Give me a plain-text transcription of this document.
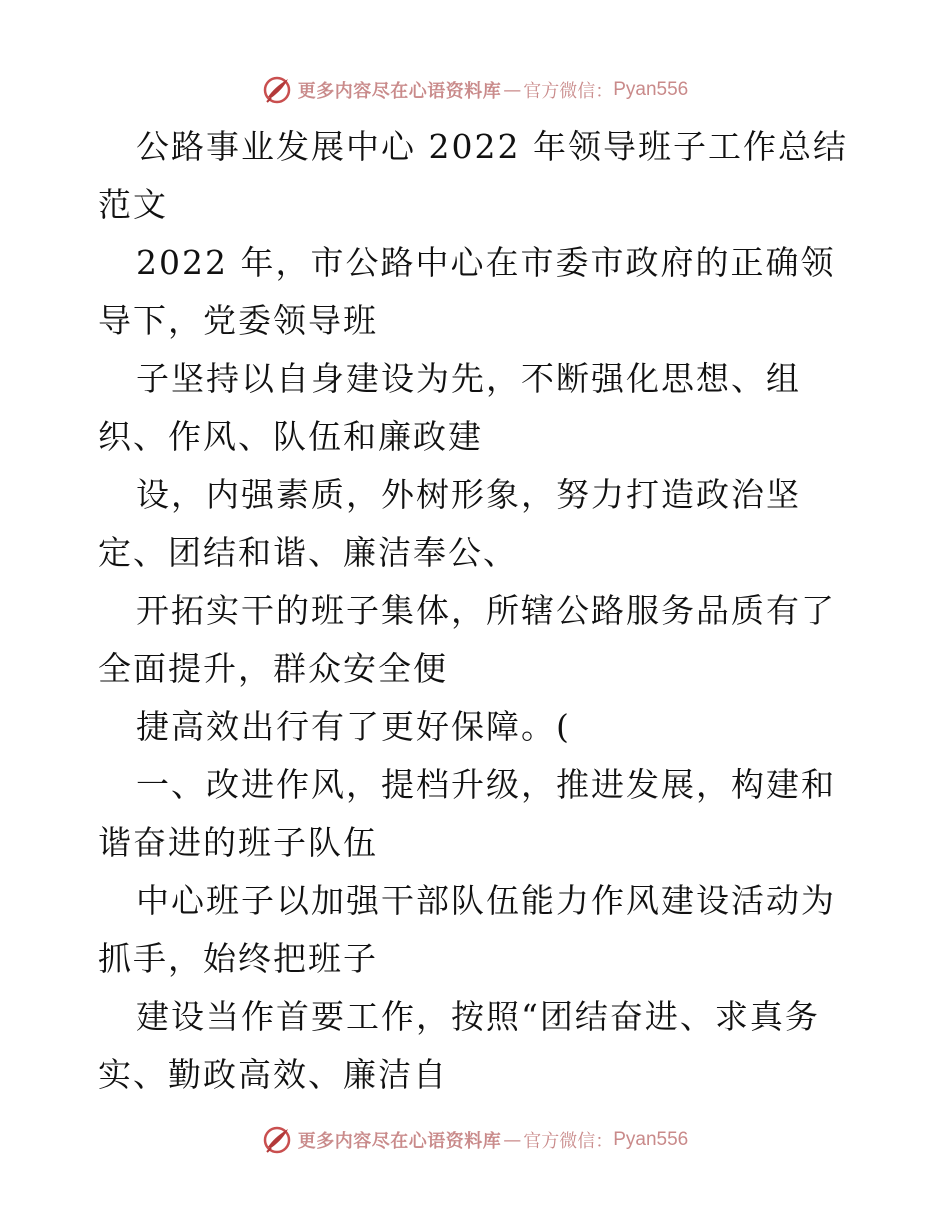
更多内容尽在心语资料库 — 官方微信： Pyan556

公路事业发展中心 2022 年领导班子工作总结范文

2022 年，市公路中心在市委市政府的正确领导下，党委领导班

子坚持以自身建设为先，不断强化思想、组织、作风、队伍和廉政建

设，内强素质，外树形象，努力打造政治坚定、团结和谐、廉洁奉公、

开拓实干的班子集体，所辖公路服务品质有了全面提升，群众安全便

捷高效出行有了更好保障。(

一、改进作风，提档升级，推进发展，构建和谐奋进的班子队伍

中心班子以加强干部队伍能力作风建设活动为抓手，始终把班子

建设当作首要工作，按照“团结奋进、求真务实、勤政高效、廉洁自

更多内容尽在心语资料库 — 官方微信： Pyan556
